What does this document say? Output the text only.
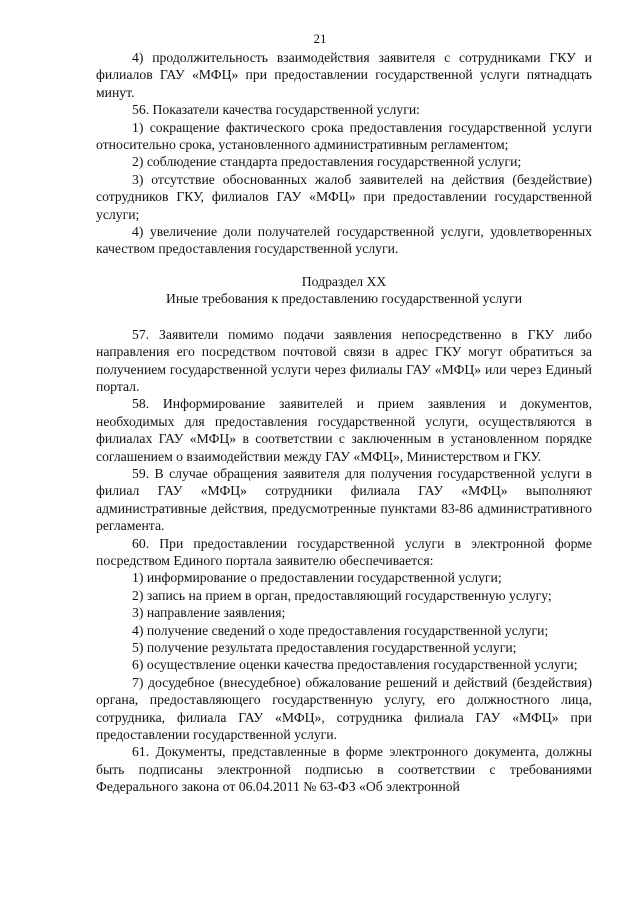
21

4) продолжительность взаимодействия заявителя с сотрудниками ГКУ и филиалов ГАУ «МФЦ» при предоставлении государственной услуги пятнадцать минут.

56. Показатели качества государственной услуги:

1) сокращение фактического срока предоставления государственной услуги относительно срока, установленного административным регламентом;

2) соблюдение стандарта предоставления государственной услуги;

3) отсутствие обоснованных жалоб заявителей на действия (бездействие) сотрудников ГКУ, филиалов ГАУ «МФЦ» при предоставлении государственной услуги;

4) увеличение доли получателей государственной услуги, удовлетворенных качеством предоставления государственной услуги.

Подраздел XX

Иные требования к предоставлению государственной услуги

57. Заявители помимо подачи заявления непосредственно в ГКУ либо направления его посредством почтовой связи в адрес ГКУ могут обратиться за получением государственной услуги через филиалы ГАУ «МФЦ» или через Единый портал.

58. Информирование заявителей и прием заявления и документов, необходимых для предоставления государственной услуги, осуществляются в филиалах ГАУ «МФЦ» в соответствии с заключенным в установленном порядке соглашением о взаимодействии между ГАУ «МФЦ», Министерством и ГКУ.

59. В случае обращения заявителя для получения государственной услуги в филиал ГАУ «МФЦ» сотрудники филиала ГАУ «МФЦ» выполняют административные действия, предусмотренные пунктами 83-86 административного регламента.

60. При предоставлении государственной услуги в электронной форме посредством Единого портала заявителю обеспечивается:

1) информирование о предоставлении государственной услуги;

2) запись на прием в орган, предоставляющий государственную услугу;

3) направление заявления;

4) получение сведений о ходе предоставления государственной услуги;

5) получение результата предоставления государственной услуги;

6) осуществление оценки качества предоставления государственной услуги;

7) досудебное (внесудебное) обжалование решений и действий (бездействия) органа, предоставляющего государственную услугу, его должностного лица, сотрудника, филиала ГАУ «МФЦ», сотрудника филиала ГАУ «МФЦ» при предоставлении государственной услуги.

61. Документы, представленные в форме электронного документа, должны быть подписаны электронной подписью в соответствии с требованиями Федерального закона от 06.04.2011 № 63-ФЗ «Об электронной
